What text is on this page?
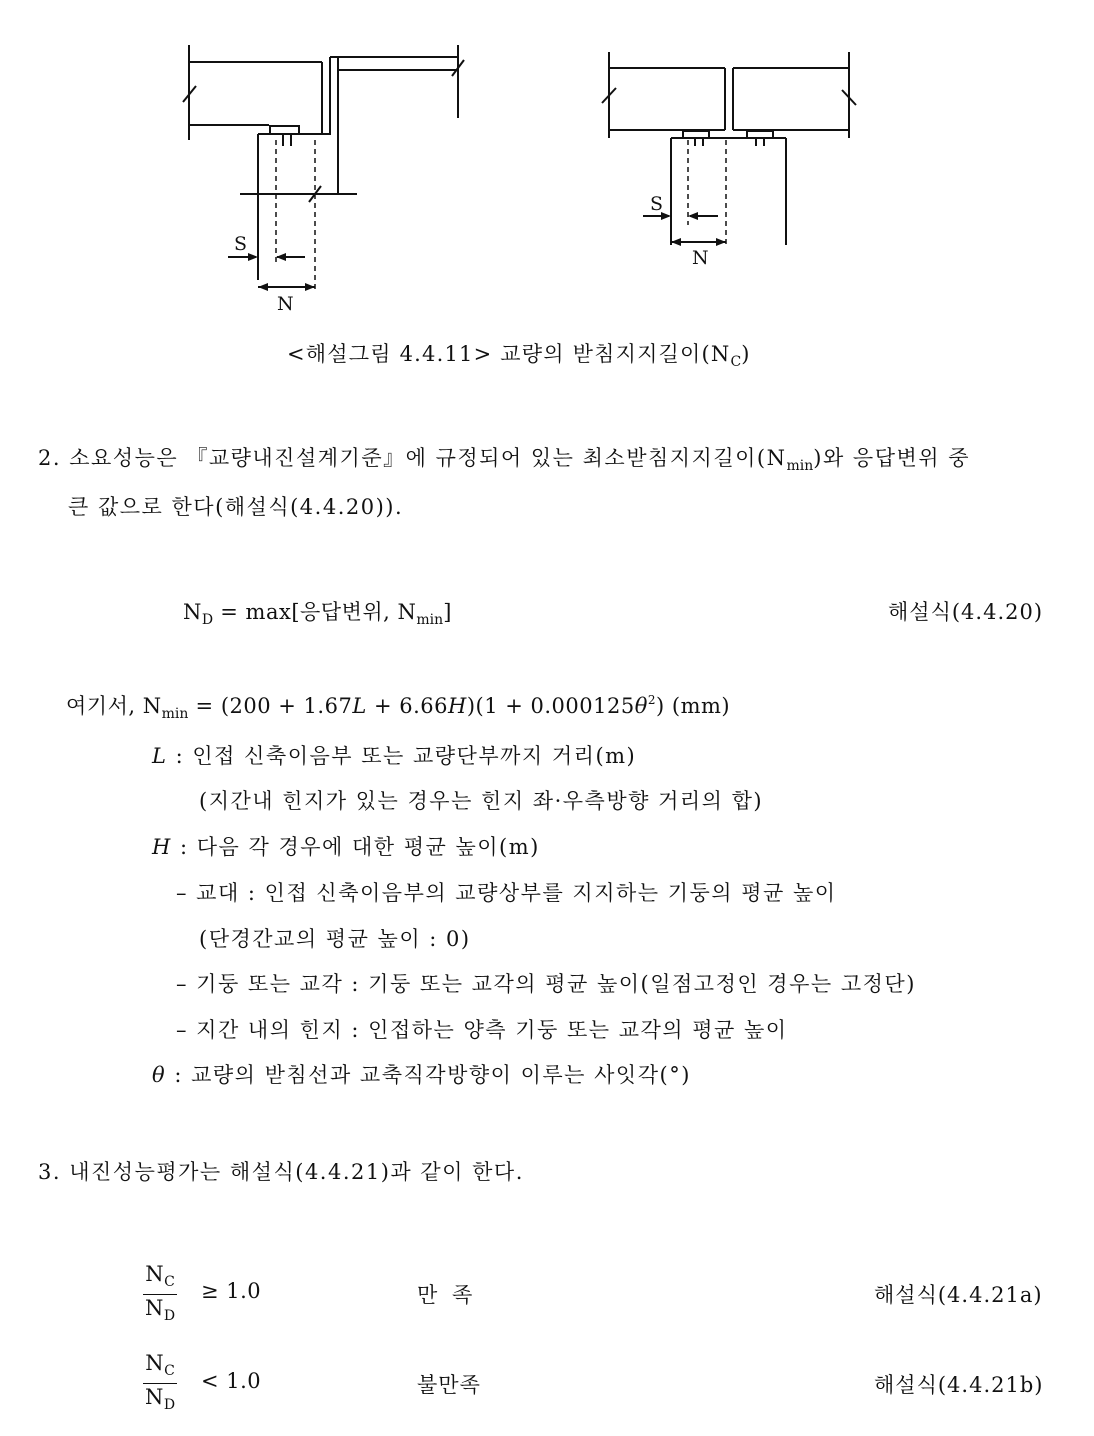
S
N
S
N
<해설그림 4.4.11> 교량의 받침지지길이$(N_C)$
2. 소요성능은 『교량내진설계기준』에 규정되어 있는 최소받침지지길이$(N_{min})$와 응답변위 중
큰 값으로 한다(해설식(4.4.20)).
$N_D = \max$[응답변위, $N_{min}$]	해설식(4.4.20)
여기서, $N_{min} = (200 + 1.67L + 6.66H)(1 + 0.000125\theta^2)$ (mm)
L : 인접 신축이음부 또는 교량단부까지 거리(m)
(지간내 힌지가 있는 경우는 힌지 좌·우측방향 거리의 합)
H : 다음 각 경우에 대한 평균 높이(m)
– 교대 : 인접 신축이음부의 교량상부를 지지하는 기둥의 평균 높이
(단경간교의 평균 높이 : 0)
– 기둥 또는 교각 : 기둥 또는 교각의 평균 높이(일점고정인 경우는 고정단)
– 지간 내의 힌지 : 인접하는 양측 기둥 또는 교각의 평균 높이
θ : 교량의 받침선과 교축직각방향이 이루는 사잇각(°)
3. 내진성능평가는 해설식(4.4.21)과 같이 한다.
$\frac{N_C}{N_D} \ge 1.0$	만 족	해설식(4.4.21a)
$\frac{N_C}{N_D} < 1.0$	불만족	해설식(4.4.21b)
